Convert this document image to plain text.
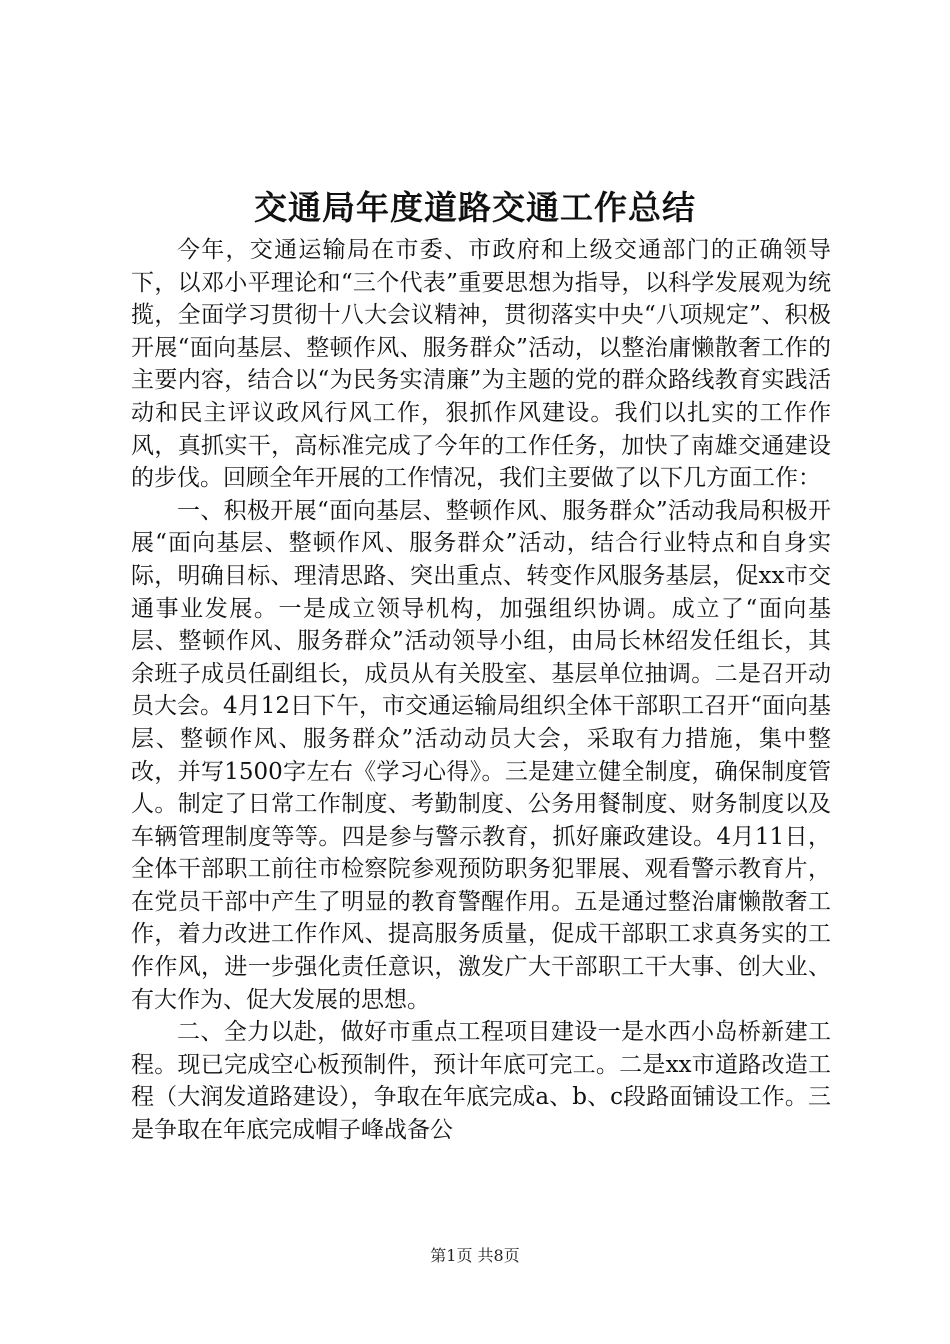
交通局年度道路交通工作总结

今年，交通运输局在市委、市政府和上级交通部门的正确领导下，以邓小平理论和“三个代表”重要思想为指导，以科学发展观为统揽，全面学习贯彻十八大会议精神，贯彻落实中央“八项规定”、积极开展“面向基层、整顿作风、服务群众”活动，以整治庸懒散奢工作的主要内容，结合以“为民务实清廉”为主题的党的群众路线教育实践活动和民主评议政风行风工作，狠抓作风建设。我们以扎实的工作作风，真抓实干，高标准完成了今年的工作任务，加快了南雄交通建设的步伐。回顾全年开展的工作情况，我们主要做了以下几方面工作：

一、积极开展“面向基层、整顿作风、服务群众”活动我局积极开展“面向基层、整顿作风、服务群众”活动，结合行业特点和自身实际，明确目标、理清思路、突出重点、转变作风服务基层，促xx市交通事业发展。一是成立领导机构，加强组织协调。成立了“面向基层、整顿作风、服务群众”活动领导小组，由局长林绍发任组长，其余班子成员任副组长，成员从有关股室、基层单位抽调。二是召开动员大会。4月12日下午，市交通运输局组织全体干部职工召开“面向基层、整顿作风、服务群众”活动动员大会，采取有力措施，集中整改，并写1500字左右《学习心得》。三是建立健全制度，确保制度管人。制定了日常工作制度、考勤制度、公务用餐制度、财务制度以及车辆管理制度等等。四是参与警示教育，抓好廉政建设。4月11日，全体干部职工前往市检察院参观预防职务犯罪展、观看警示教育片，在党员干部中产生了明显的教育警醒作用。五是通过整治庸懒散奢工作，着力改进工作作风、提高服务质量，促成干部职工求真务实的工作作风，进一步强化责任意识，激发广大干部职工干大事、创大业、有大作为、促大发展的思想。

二、全力以赴，做好市重点工程项目建设一是水西小岛桥新建工程。现已完成空心板预制件，预计年底可完工。二是xx市道路改造工程（大润发道路建设），争取在年底完成a、b、c段路面铺设工作。三是争取在年底完成帽子峰战备公

第1页 共8页
